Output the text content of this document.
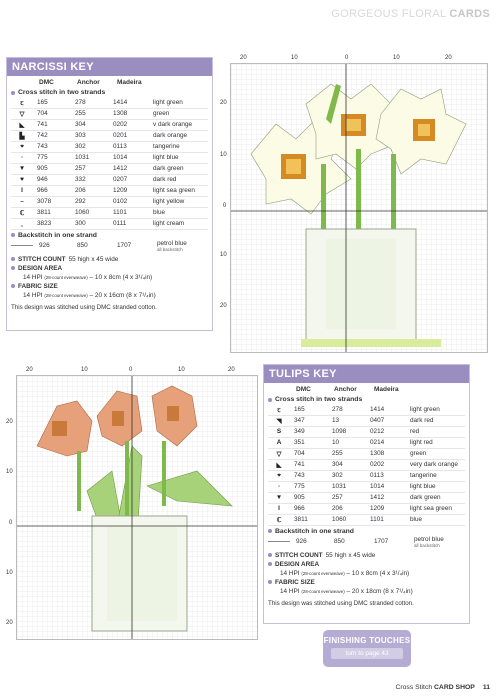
GORGEOUS FLORAL CARDS
NARCISSI KEY
DMC	Anchor	Madeira
Cross stitch in two strands
ꞇ	165	278	1414	light green
▽	704	255	1308	green
◣	741	304	0202	v dark orange
▙	742	303	0201	dark orange
⌖	743	302	0113	tangerine
◦	775	1031	1014	light blue
▼	905	257	1412	dark green
♥	946	332	0207	dark red
I	966	206	1209	light sea green
–	3078	292	0102	light yellow
ℂ	3811	1060	1101	blue
ꞈ	3823	300	0111	light cream
Backstitch in one strand
926	850	1707	petrol blue
all backstitch
STITCH COUNT 55 high x 45 wide
DESIGN AREA
14 HPI (28-count evenweave) – 10 x 8cm (4 x 3¹/₄in)
FABRIC SIZE
14 HPI (28-count evenweave) – 20 x 16cm (8 x 7¹/₄in)
This design was stitched using DMC stranded cotton.
20	10	0	10	20
20
10
0
10
20
20	10	0	10	20
20
10
0
10
20
TULIPS KEY
DMC	Anchor	Madeira
Cross stitch in two strands
ꞇ	165	278	1414	light green
◥	347	13	0407	dark red
S	349	1098	0212	red
A	351	10	0214	light red
▽	704	255	1308	green
◣	741	304	0202	very dark orange
⌖	743	302	0113	tangerine
◦	775	1031	1014	light blue
▼	905	257	1412	dark green
I	966	206	1209	light sea green
ℂ	3811	1060	1101	blue
Backstitch in one strand
926	850	1707	petrol blue
all backstitch
STITCH COUNT 55 high x 45 wide
DESIGN AREA
14 HPI (28-count evenweave) – 10 x 8cm (4 x 3¹/₄in)
FABRIC SIZE
14 HPI (28-count evenweave) – 20 x 18cm (8 x 7¹/₄in)
This design was stitched using DMC stranded cotton.
FINISHING TOUCHES
turn to page 43
Cross Stitch CARD SHOP 11
